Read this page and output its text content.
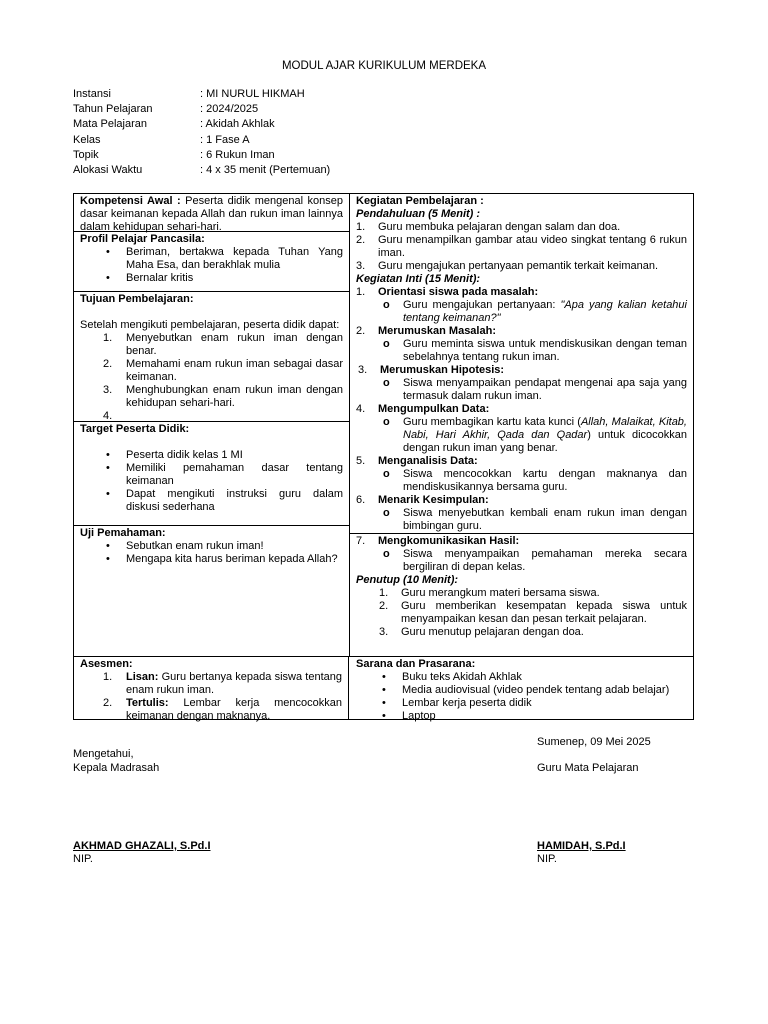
MODUL AJAR KURIKULUM MERDEKA
Instansi	: MI NURUL HIKMAH
Tahun Pelajaran	: 2024/2025
Mata Pelajaran	: Akidah Akhlak
Kelas	: 1 Fase A
Topik	: 6 Rukun Iman
Alokasi Waktu	: 4 x 35 menit (Pertemuan)
Kompetensi Awal : Peserta didik mengenal konsep dasar keimanan kepada Allah dan rukun iman lainnya dalam kehidupan sehari-hari.
Profil Pelajar Pancasila:
• Beriman, bertakwa kepada Tuhan Yang Maha Esa, dan berakhlak mulia
• Bernalar kritis
Tujuan Pembelajaran:
Setelah mengikuti pembelajaran, peserta didik dapat:
1. Menyebutkan enam rukun iman dengan benar.
2. Memahami enam rukun iman sebagai dasar keimanan.
3. Menghubungkan enam rukun iman dengan kehidupan sehari-hari.
4.

Target Peserta Didik:
• Peserta didik kelas 1 MI
• Memiliki pemahaman dasar tentang keimanan
• Dapat mengikuti instruksi guru dalam diskusi sederhana
Uji Pemahaman:
• Sebutkan enam rukun iman!
• Mengapa kita harus beriman kepada Allah?
Kegiatan Pembelajaran :
Pendahuluan (5 Menit) :
1.	Guru membuka pelajaran dengan salam dan doa.
2.	Guru menampilkan gambar atau video singkat tentang 6 rukun iman.
3.	Guru mengajukan pertanyaan pemantik terkait keimanan.
Kegiatan Inti (15 Menit):
1.	Orientasi siswa pada masalah:
o Guru mengajukan pertanyaan: "Apa yang kalian ketahui tentang keimanan?"
2.	Merumuskan Masalah:
o Guru meminta siswa untuk mendiskusikan dengan teman sebelahnya tentang rukun iman.
3.	Merumuskan Hipotesis:
o Siswa menyampaikan pendapat mengenai apa saja yang termasuk dalam rukun iman.
4.	Mengumpulkan Data:
o Guru membagikan kartu kata kunci (Allah, Malaikat, Kitab, Nabi, Hari Akhir, Qada dan Qadar) untuk dicocokkan dengan rukun iman yang benar.
5.	Menganalisis Data:
o Siswa mencocokkan kartu dengan maknanya dan mendiskusikannya bersama guru.
6.	Menarik Kesimpulan:
o Siswa menyebutkan kembali enam rukun iman dengan bimbingan guru.
7.	Mengkomunikasikan Hasil:
o Siswa menyampaikan pemahaman mereka secara bergiliran di depan kelas.
Penutup (10 Menit):
1. Guru merangkum materi bersama siswa.
2. Guru memberikan kesempatan kepada siswa untuk menyampaikan kesan dan pesan terkait pelajaran.
3. Guru menutup pelajaran dengan doa.
Asesmen:
1. Lisan: Guru bertanya kepada siswa tentang enam rukun iman.
2. Tertulis: Lembar kerja mencocokkan keimanan dengan maknanya.
Sarana dan Prasarana:
• Buku teks Akidah Akhlak
• Media audiovisual (video pendek tentang adab belajar)
• Lembar kerja peserta didik
• Laptop
Sumenep, 09 Mei 2025
Mengetahui,
Kepala Madrasah	Guru Mata Pelajaran
AKHMAD GHAZALI, S.Pd.I
NIP.
HAMIDAH, S.Pd.I
NIP.
